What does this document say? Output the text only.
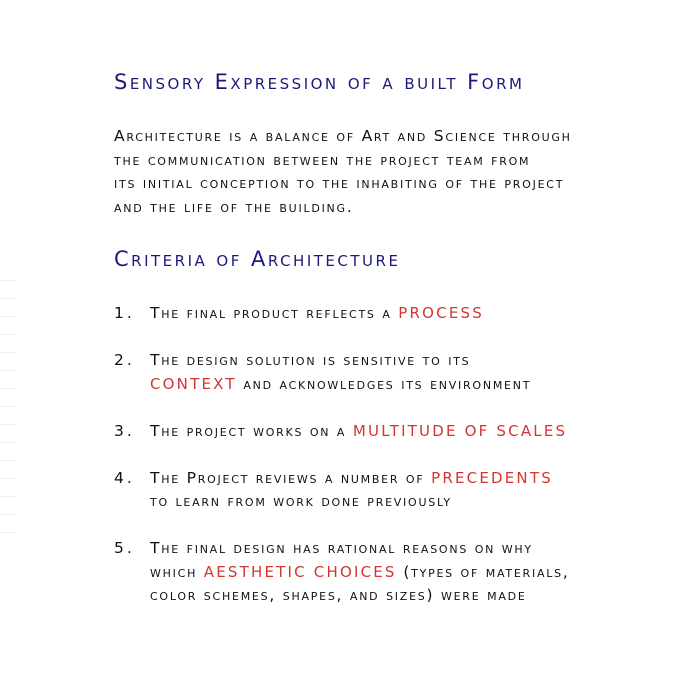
Sensory Expression of a built Form
Architecture is a balance of Art and Science through
the communication between the project team from
its initial conception to the inhabiting of the project
and the life of the building.
Criteria of Architecture
1. The final product reflects a PROCESS
2. The design solution is sensitive to its
CONTEXT and acknowledges its environment
3. The project works on a MULTITUDE OF SCALES
4. The Project reviews a number of PRECEDENTS
to learn from work done previously
5. The final design has rational reasons on why
which AESTHETIC CHOICES (types of materials,
color schemes, shapes, and sizes) were made
